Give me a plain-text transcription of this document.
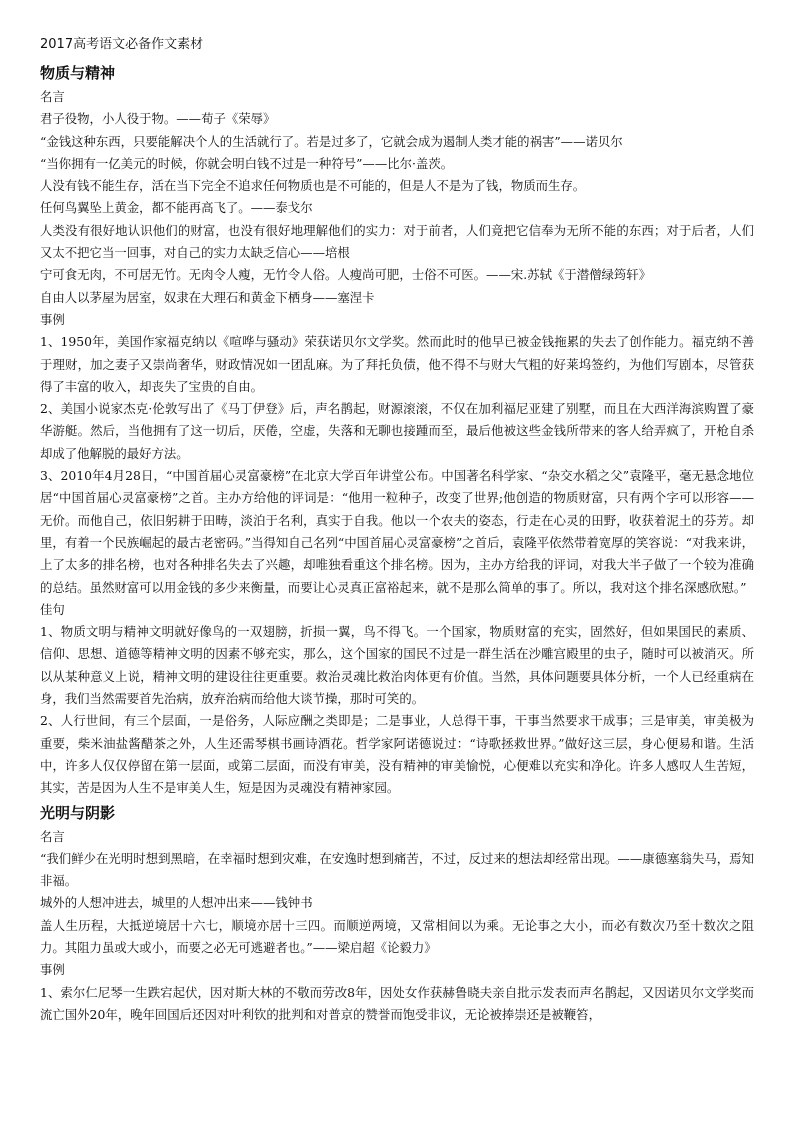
2017高考语文必备作文素材
物质与精神
名言

君子役物，小人役于物。——荀子《荣辱》

“金钱这种东西，只要能解决个人的生活就行了。若是过多了，它就会成为遏制人类才能的祸害”——诺贝尔

“当你拥有一亿美元的时候，你就会明白钱不过是一种符号”——比尔·盖茨。

人没有钱不能生存，活在当下完全不追求任何物质也是不可能的，但是人不是为了钱，物质而生存。

任何鸟翼坠上黄金，都不能再高飞了。——泰戈尔

人类没有很好地认识他们的财富，也没有很好地理解他们的实力：对于前者，人们竟把它信奉为无所不能的东西；对于后者，人们又太不把它当一回事，对自己的实力太缺乏信心——培根

宁可食无肉，不可居无竹。无肉令人瘦，无竹令人俗。人瘦尚可肥，士俗不可医。——宋.苏轼《于潜僧绿筠轩》

自由人以茅屋为居室，奴隶在大理石和黄金下栖身——塞涅卡

事例

1、1950年，美国作家福克纳以《喧哗与骚动》荣获诺贝尔文学奖。然而此时的他早已被金钱拖累的失去了创作能力。福克纳不善于理财，加之妻子又崇尚奢华，财政情况如一团乱麻。为了拜托负债，他不得不与财大气粗的好莱坞签约，为他们写剧本，尽管获得了丰富的收入，却丧失了宝贵的自由。

2、美国小说家杰克·伦敦写出了《马丁伊登》后，声名鹊起，财源滚滚，不仅在加利福尼亚建了别墅，而且在大西洋海滨购置了豪华游艇。然后，当他拥有了这一切后，厌倦，空虚，失落和无聊也接踵而至，最后他被这些金钱所带来的客人给弄疯了，开枪自杀却成了他解脱的最好方法。

3、2010年4月28日，“中国首届心灵富豪榜”在北京大学百年讲堂公布。中国著名科学家、“杂交水稻之父”袁隆平，毫无悬念地位居“中国首届心灵富豪榜”之首。主办方给他的评词是：“他用一粒种子，改变了世界;他创造的物质财富，只有两个字可以形容——无价。而他自己，依旧躬耕于田畴，淡泊于名利，真实于自我。他以一个农夫的姿态，行走在心灵的田野，收获着泥土的芬芳。却里，有着一个民族崛起的最古老密码。”当得知自己名列“中国首届心灵富豪榜”之首后，袁隆平依然带着宽厚的笑容说：“对我来讲，上了太多的排名榜，也对各种排名失去了兴趣，却唯独看重这个排名榜。因为，主办方给我的评词，对我大半子做了一个较为准确的总结。虽然财富可以用金钱的多少来衡量，而要让心灵真正富裕起来，就不是那么简单的事了。所以，我对这个排名深感欣慰。”

佳句

1、物质文明与精神文明就好像鸟的一双翅膀，折损一翼，鸟不得飞。一个国家，物质财富的充实，固然好，但如果国民的素质、信仰、思想、道德等精神文明的因素不够充实，那么，这个国家的国民不过是一群生活在沙雕宫殿里的虫子，随时可以被消灭。所以从某种意义上说，精神文明的建设往往更重要。救治灵魂比救治肉体更有价值。当然，具体问题要具体分析，一个人已经重病在身，我们当然需要首先治病，放弃治病而给他大谈节操，那时可笑的。

2、人行世间，有三个层面，一是俗务，人际应酬之类即是；二是事业，人总得干事，干事当然要求干成事；三是审美，审美极为重要，柴米油盐酱醋茶之外，人生还需琴棋书画诗酒花。哲学家阿诺德说过：“诗歌拯救世界。”做好这三层，身心便易和谐。生活中，许多人仅仅停留在第一层面，或第二层面，而没有审美，没有精神的审美愉悦，心便难以充实和净化。许多人感叹人生苦短，其实，苦是因为人生不是审美人生，短是因为灵魂没有精神家园。

光明与阴影
名言

“我们鲜少在光明时想到黑暗，在幸福时想到灾难，在安逸时想到痛苦，不过，反过来的想法却经常出现。——康德塞翁失马，焉知非福。

城外的人想冲进去，城里的人想冲出来——钱钟书

盖人生历程，大抵逆境居十六七，顺境亦居十三四。而顺逆两境，又常相间以为乘。无论事之大小，而必有数次乃至十数次之阻力。其阻力虽或大或小，而要之必无可逃避者也。”——梁启超《论毅力》

事例

1、索尔仁尼琴一生跌宕起伏，因对斯大林的不敬而劳改8年，因处女作获赫鲁晓夫亲自批示发表而声名鹊起，又因诺贝尔文学奖而流亡国外20年，晚年回国后还因对叶利钦的批判和对普京的赞誉而饱受非议，无论被捧崇还是被鞭笞，
